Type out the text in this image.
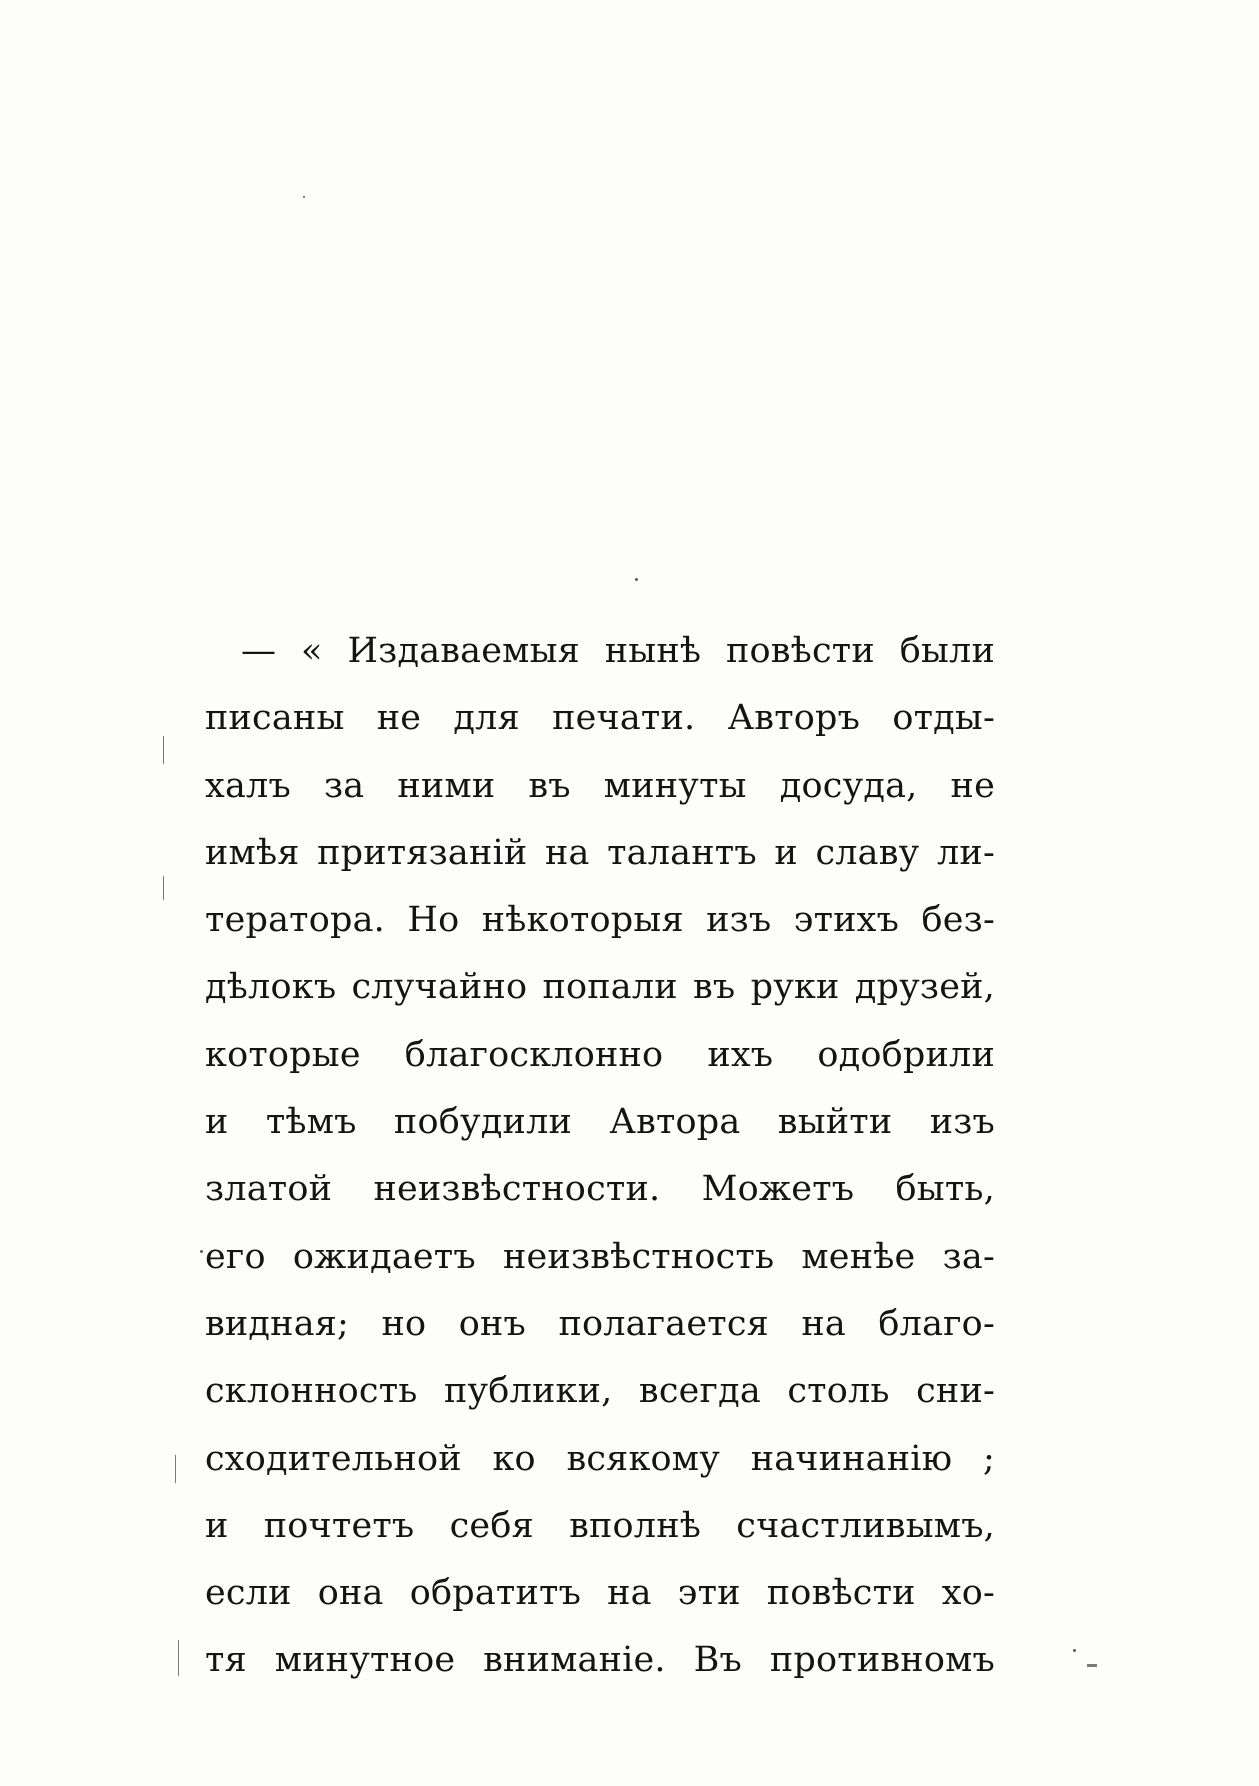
— « Издаваемыя нынѣ повѣсти были
писаны не для печати. Авторъ отды-
халъ за ними въ минуты досуда, не
имѣя притязаній на талантъ и славу ли-
тератора. Но нѣкоторыя изъ этихъ без-
дѣлокъ случайно попали въ руки друзей,
которые благосклонно ихъ одобрили
и тѣмъ побудили Автора выйти изъ
златой неизвѣстности. Можетъ быть,
его ожидаетъ неизвѣстность менѣе за-
видная; но онъ полагается на благо-
склонность публики, всегда столь сни-
сходительной ко всякому начинанію ;
и почтетъ себя вполнѣ счастливымъ,
если она обратитъ на эти повѣсти хо-
тя минутное вниманіе. Въ противномъ
